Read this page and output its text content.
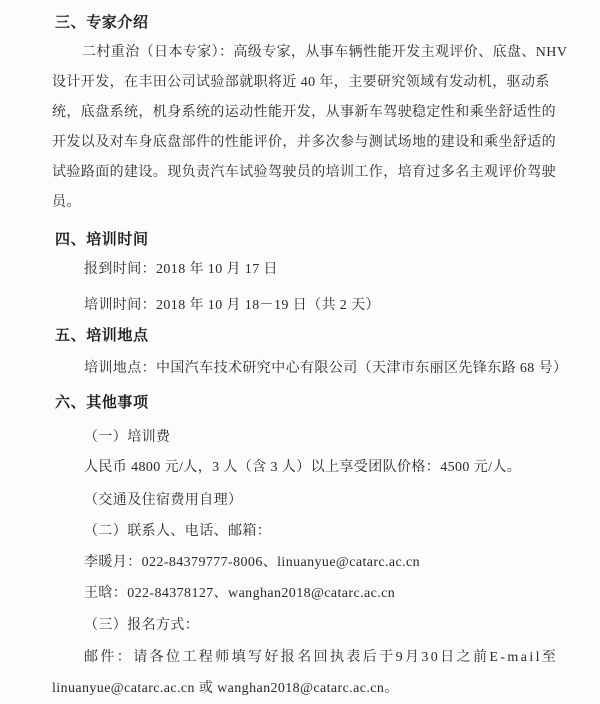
三、专家介绍
二村重治（日本专家）：高级专家，从事车辆性能开发主观评价、底盘、NHV
设计开发，在丰田公司试验部就职将近 40 年，主要研究领域有发动机，驱动系
统，底盘系统，机身系统的运动性能开发，从事新车驾驶稳定性和乘坐舒适性的
开发以及对车身底盘部件的性能评价，并多次参与测试场地的建设和乘坐舒适的
试验路面的建设。现负责汽车试验驾驶员的培训工作，培育过多名主观评价驾驶
员。
四、培训时间
报到时间：2018 年 10 月 17 日
培训时间：2018 年 10 月 18－19 日（共 2 天）
五、培训地点
培训地点：中国汽车技术研究中心有限公司（天津市东丽区先锋东路 68 号）
六、其他事项
（一）培训费
人民币 4800 元/人，3 人（含 3 人）以上享受团队价格：4500 元/人。
（交通及住宿费用自理）
（二）联系人、电话、邮箱：
李暖月：022-84379777-8006、linuanyue@catarc.ac.cn
王晗：022-84378127、wanghan2018@catarc.ac.cn
（三）报名方式：
邮件：请各位工程师填写好报名回执表后于9月30日之前E-mail至
linuanyue@catarc.ac.cn 或 wanghan2018@catarc.ac.cn。
